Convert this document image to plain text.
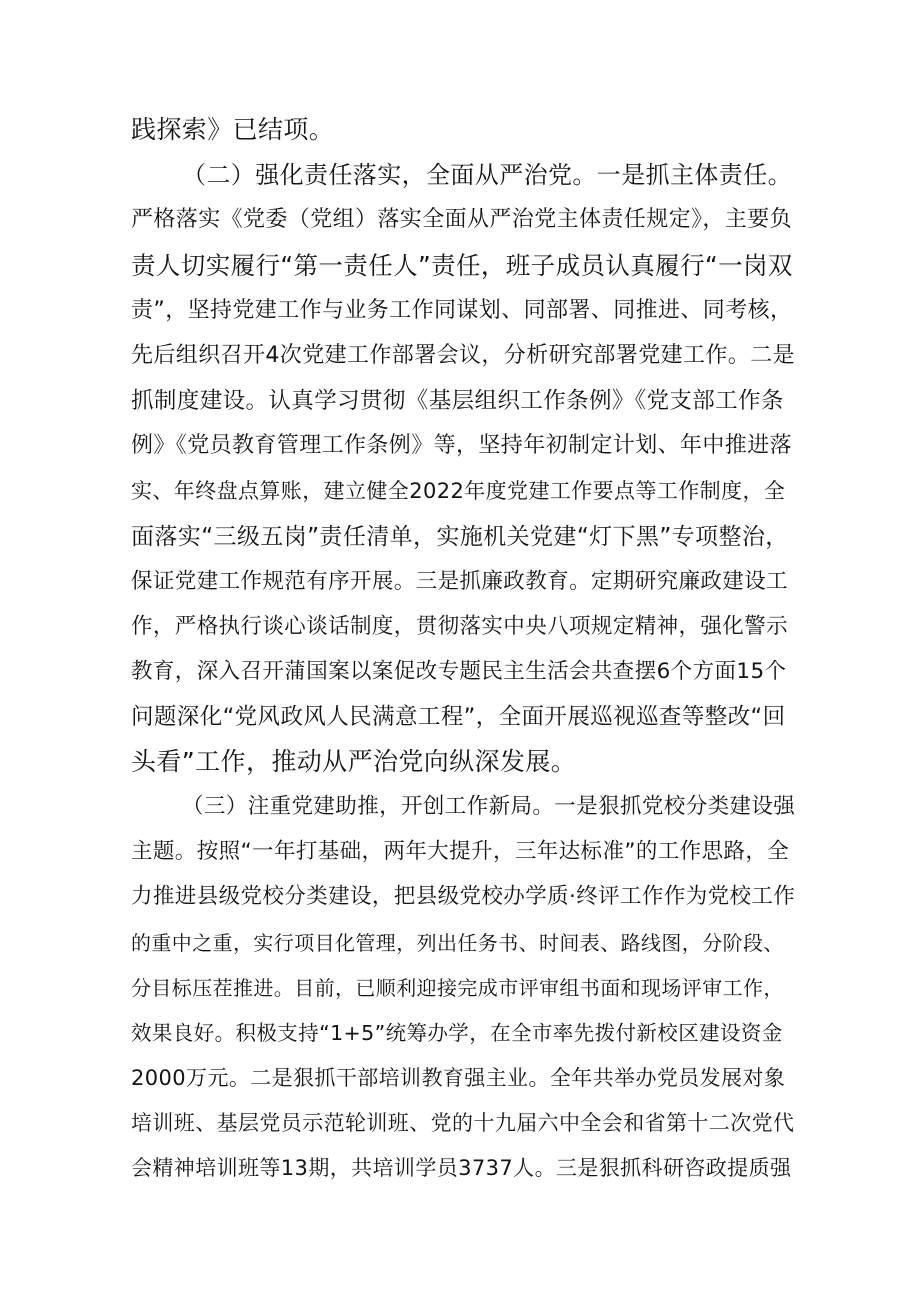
践探索》已结项。
（二）强化责任落实，全面从严治党。一是抓主体责任。
严格落实《党委（党组）落实全面从严治党主体责任规定》，主要负
责人切实履行“第一责任人”责任，班子成员认真履行“一岗双
责”，坚持党建工作与业务工作同谋划、同部署、同推进、同考核，
先后组织召开4次党建工作部署会议，分析研究部署党建工作。二是
抓制度建设。认真学习贯彻《基层组织工作条例》《党支部工作条
例》《党员教育管理工作条例》等，坚持年初制定计划、年中推进落
实、年终盘点算账，建立健全2022年度党建工作要点等工作制度，全
面落实“三级五岗”责任清单，实施机关党建“灯下黑”专项整治，
保证党建工作规范有序开展。三是抓廉政教育。定期研究廉政建设工
作，严格执行谈心谈话制度，贯彻落实中央八项规定精神，强化警示
教育，深入召开蒲国案以案促改专题民主生活会共查摆6个方面15个
问题深化“党风政风人民满意工程”，全面开展巡视巡查等整改“回
头看”工作，推动从严治党向纵深发展。
（三）注重党建助推，开创工作新局。一是狠抓党校分类建设强
主题。按照“一年打基础，两年大提升，三年达标准”的工作思路，全
力推进县级党校分类建设，把县级党校办学质·终评工作作为党校工作
的重中之重，实行项目化管理，列出任务书、时间表、路线图，分阶段、
分目标压茬推进。目前，已顺利迎接完成市评审组书面和现场评审工作，
效果良好。积极支持“1+5”统筹办学，在全市率先拨付新校区建设资金
2000万元。二是狠抓干部培训教育强主业。全年共举办党员发展对象
培训班、基层党员示范轮训班、党的十九届六中全会和省第十二次党代
会精神培训班等13期，共培训学员3737人。三是狠抓科研咨政提质强
